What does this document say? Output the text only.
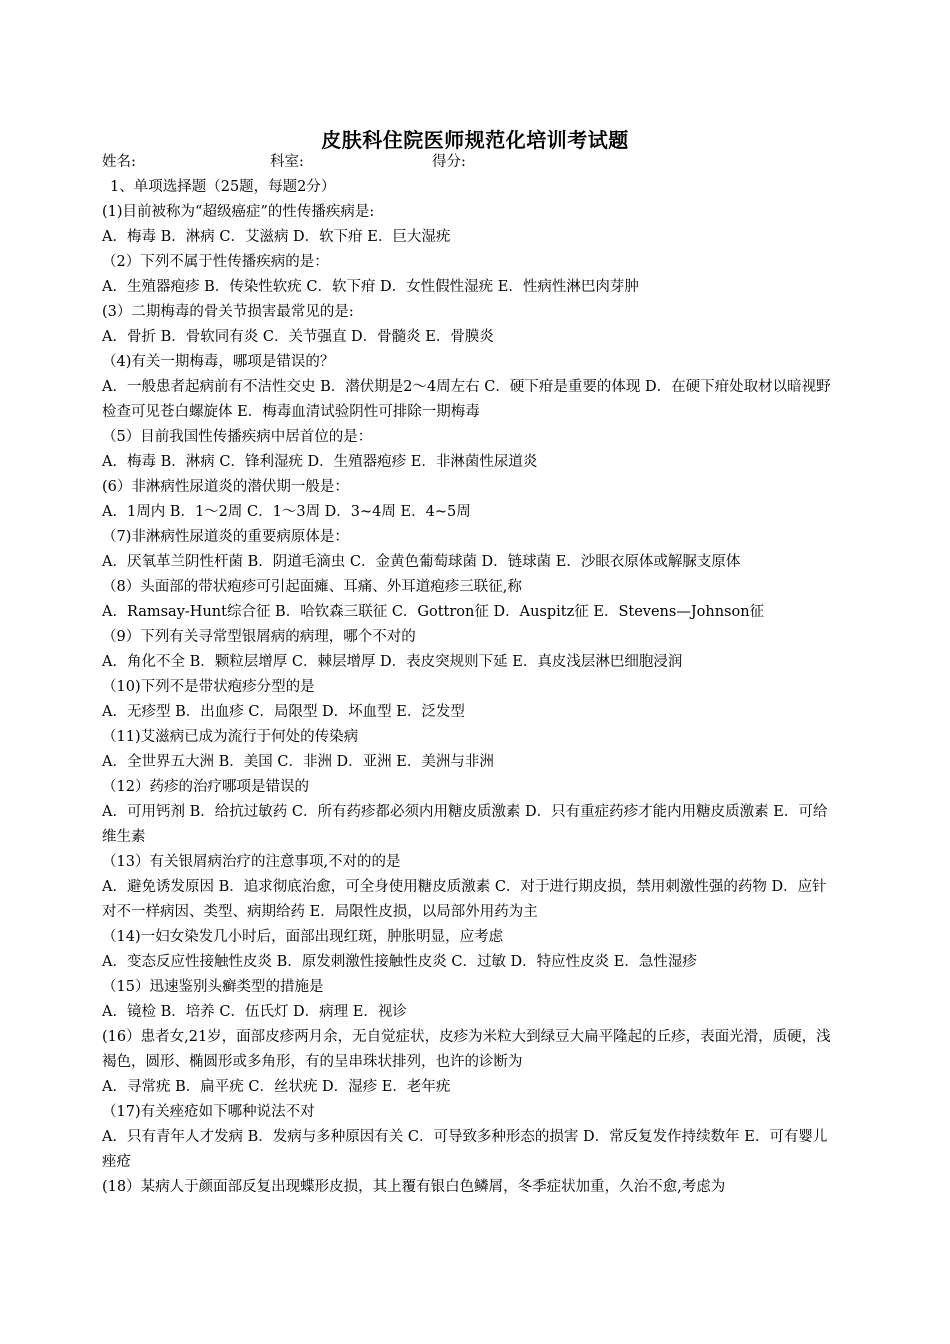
皮肤科住院医师规范化培训考试题
姓名:	科室:	得分:
1、单项选择题（25题，每题2分）
(1)目前被称为“超级癌症”的性传播疾病是:
A．梅毒 B．淋病 C．艾滋病 D．软下疳 E．巨大湿疣
（2）下列不属于性传播疾病的是：
A．生殖器疱疹 B．传染性软疣 C．软下疳 D．女性假性湿疣 E．性病性淋巴肉芽肿
(3）二期梅毒的骨关节损害最常见的是:
A．骨折 B．骨软同有炎 C．关节强直 D．骨髓炎 E．骨膜炎
（4)有关一期梅毒，哪项是错误的？
A．一般患者起病前有不洁性交史 B．潜伏期是2～4周左右 C．硬下疳是重要的体现 D．在硬下疳处取材以暗视野检查可见苍白螺旋体 E．梅毒血清试验阴性可排除一期梅毒
（5）目前我国性传播疾病中居首位的是：
A．梅毒 B．淋病 C．锋利湿疣 D．生殖器疱疹 E．非淋菌性尿道炎
(6）非淋病性尿道炎的潜伏期一般是：
A．1周内 B．1～2周 C．1～3周 D．3~4周 E．4~5周
（7)非淋病性尿道炎的重要病原体是：
A．厌氧革兰阴性杆菌 B．阴道毛滴虫 C．金黄色葡萄球菌 D．链球菌 E．沙眼衣原体或解脲支原体
（8）头面部的带状疱疹可引起面瘫、耳痛、外耳道疱疹三联征,称
A．Ramsay-Hunt综合征 B．哈钦森三联征 C．Gottron征 D．Auspitz征 E．Stevens—Johnson征
（9）下列有关寻常型银屑病的病理，哪个不对的
A．角化不全 B．颗粒层增厚 C．棘层增厚 D．表皮突规则下延 E．真皮浅层淋巴细胞浸润
（10)下列不是带状疱疹分型的是
A．无疹型 B．出血疹 C．局限型 D．坏血型 E．泛发型
（11)艾滋病已成为流行于何处的传染病
A．全世界五大洲 B．美国 C．非洲 D．亚洲 E．美洲与非洲
（12）药疹的治疗哪项是错误的
A．可用钙剂 B．给抗过敏药 C．所有药疹都必须内用糖皮质激素 D．只有重症药疹才能内用糖皮质激素 E．可给维生素
（13）有关银屑病治疗的注意事项,不对的的是
A．避免诱发原因 B．追求彻底治愈，可全身使用糖皮质激素 C．对于进行期皮损，禁用刺激性强的药物 D．应针对不一样病因、类型、病期给药 E．局限性皮损，以局部外用药为主
（14)一妇女染发几小时后，面部出现红斑，肿胀明显，应考虑
A．变态反应性接触性皮炎 B．原发刺激性接触性皮炎 C．过敏 D．特应性皮炎 E．急性湿疹
（15）迅速鉴别头癣类型的措施是
A．镜检 B．培养 C．伍氏灯 D．病理 E．视诊
(16）患者女,21岁，面部皮疹两月余，无自觉症状，皮疹为米粒大到绿豆大扁平隆起的丘疹，表面光滑，质硬，浅褐色，圆形、椭圆形或多角形，有的呈串珠状排列，也许的诊断为
A．寻常疣 B．扁平疣 C．丝状疣 D．湿疹 E．老年疣
（17)有关痤疮如下哪种说法不对
A．只有青年人才发病 B．发病与多种原因有关 C．可导致多种形态的损害 D．常反复发作持续数年 E．可有婴儿痤疮
(18）某病人于颜面部反复出现蝶形皮损，其上覆有银白色鳞屑，冬季症状加重，久治不愈,考虑为
